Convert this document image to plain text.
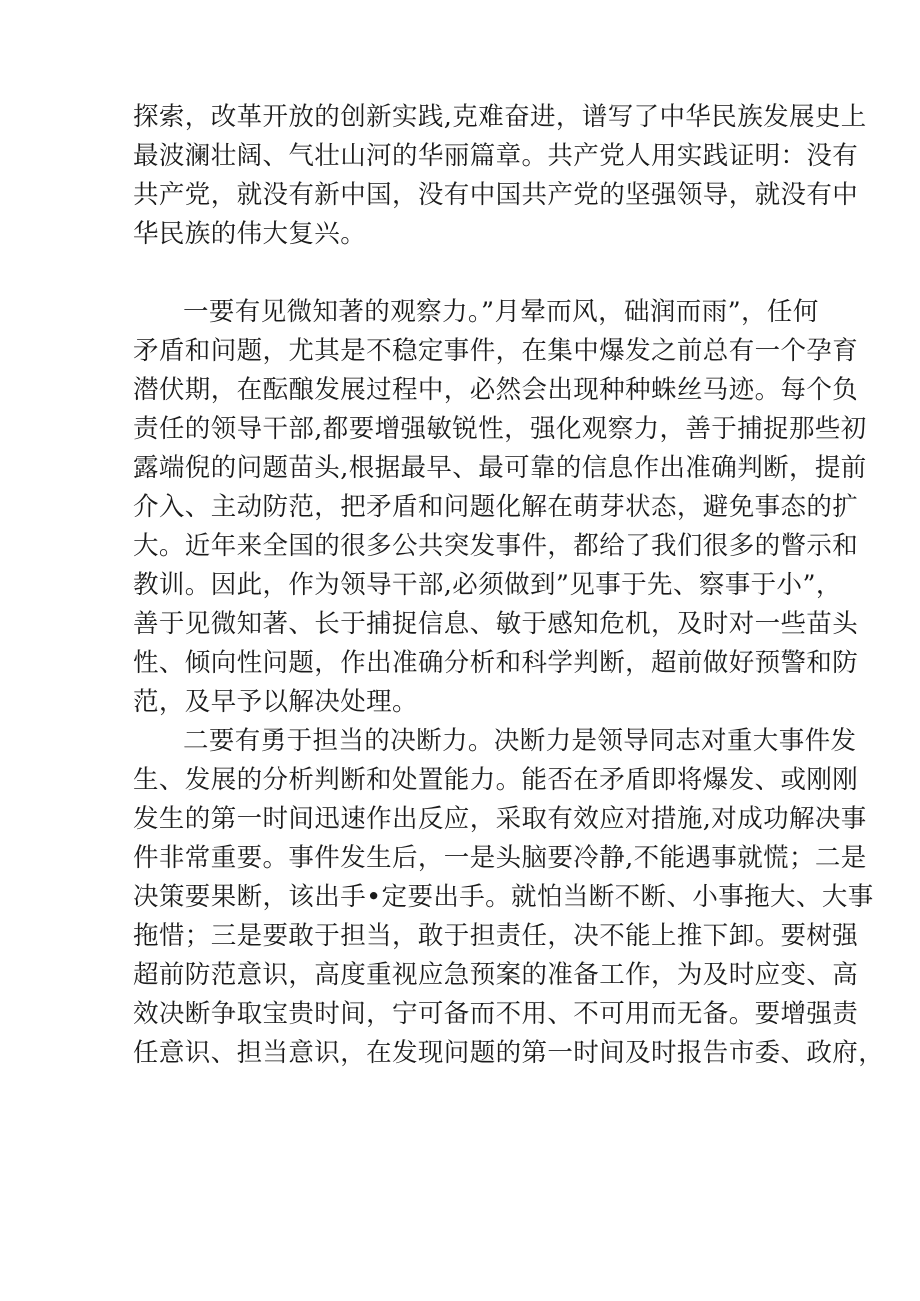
探索，改革开放的创新实践,克难奋进，谱写了中华民族发展史上
最波澜壮阔、气壮山河的华丽篇章。共产党人用实践证明：没有
共产党，就没有新中国，没有中国共产党的坚强领导，就没有中
华民族的伟大复兴。
一要有见微知著的观察力。”月晕而风，础润而雨”，任何
矛盾和问题，尤其是不稳定事件，在集中爆发之前总有一个孕育
潜伏期，在酝酿发展过程中，必然会出现种种蛛丝马迹。每个负
责任的领导干部,都要增强敏锐性，强化观察力，善于捕捉那些初
露端倪的问题苗头,根据最早、最可靠的信息作出准确判断，提前
介入、主动防范，把矛盾和问题化解在萌芽状态，避免事态的扩
大。近年来全国的很多公共突发事件，都给了我们很多的瞥示和
教训。因此，作为领导干部,必须做到”见事于先、察事于小”，
善于见微知著、长于捕捉信息、敏于感知危机，及时对一些苗头
性、倾向性问题，作出准确分析和科学判断，超前做好预警和防
范，及早予以解决处理。
二要有勇于担当的决断力。决断力是领导同志对重大事件发
生、发展的分析判断和处置能力。能否在矛盾即将爆发、或刚刚
发生的第一时间迅速作出反应，采取有效应对措施,对成功解决事
件非常重要。事件发生后，一是头脑要冷静,不能遇事就慌；二是
决策要果断，该出手•定要出手。就怕当断不断、小事拖大、大事
拖惜；三是要敢于担当，敢于担责任，决不能上推下卸。要树强
超前防范意识，高度重视应急预案的准备工作，为及时应变、高
效决断争取宝贵时间，宁可备而不用、不可用而无备。要增强责
任意识、担当意识，在发现问题的第一时间及时报告市委、政府，
